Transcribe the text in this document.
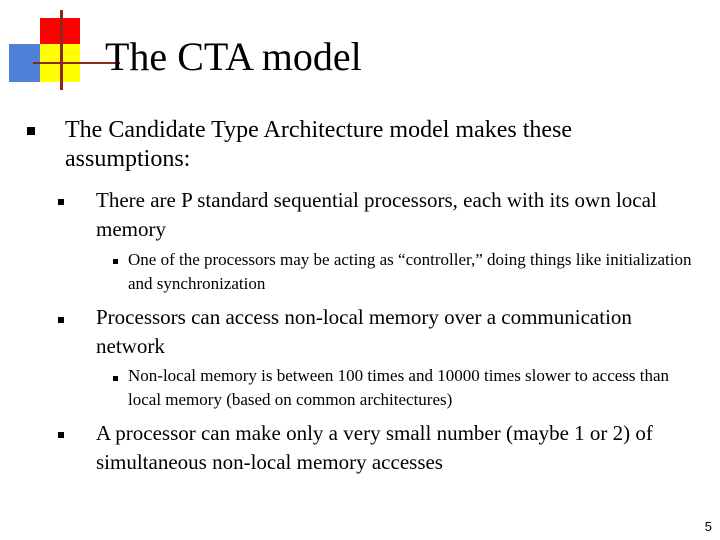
The CTA model
The Candidate Type Architecture model makes these assumptions:
There are P standard sequential processors, each with its own local memory
One of the processors may be acting as “controller,” doing things like initialization and synchronization
Processors can access non-local memory over a communication network
Non-local memory is between 100 times and 10000 times slower to access than local memory (based on common architectures)
A processor can make only a very small number (maybe 1 or 2) of simultaneous non-local memory accesses
5
